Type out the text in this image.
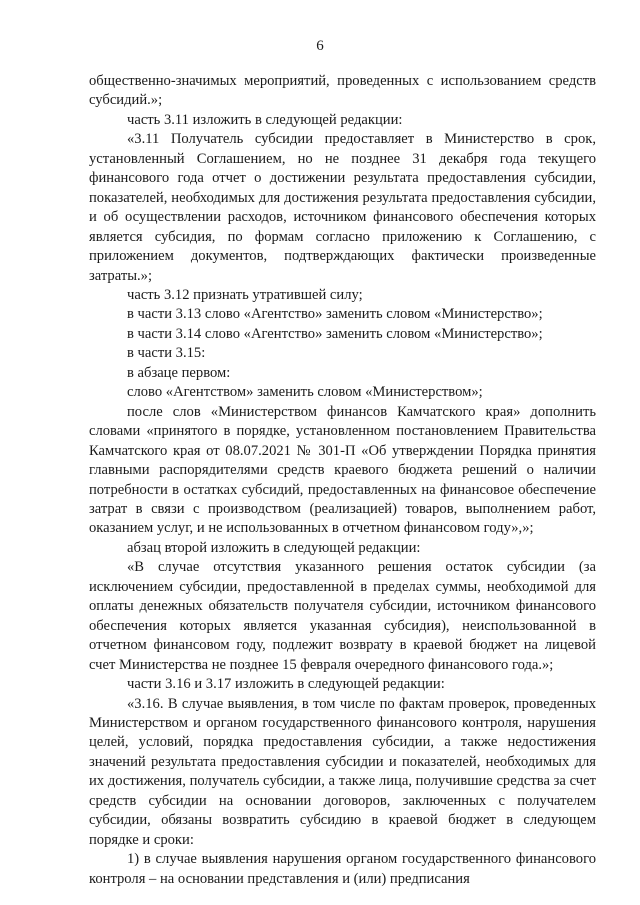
6

общественно-значимых мероприятий, проведенных с использованием средств субсидий.»;

часть 3.11 изложить в следующей редакции:

«3.11 Получатель субсидии предоставляет в Министерство в срок, установленный Соглашением, но не позднее 31 декабря года текущего финансового года отчет о достижении результата предоставления субсидии, показателей, необходимых для достижения результата предоставления субсидии, и об осуществлении расходов, источником финансового обеспечения которых является субсидия, по формам согласно приложению к Соглашению, с приложением документов, подтверждающих фактически произведенные затраты.»;

часть 3.12 признать утратившей силу;

в части 3.13 слово «Агентство» заменить словом «Министерство»;

в части 3.14 слово «Агентство» заменить словом «Министерство»;

в части 3.15:

в абзаце первом:

слово «Агентством» заменить словом «Министерством»;

после слов «Министерством финансов Камчатского края» дополнить словами «принятого в порядке, установленном постановлением Правительства Камчатского края от 08.07.2021 № 301-П «Об утверждении Порядка принятия главными распорядителями средств краевого бюджета решений о наличии потребности в остатках субсидий, предоставленных на финансовое обеспечение затрат в связи с производством (реализацией) товаров, выполнением работ, оказанием услуг, и не использованных в отчетном финансовом году»,»;

абзац второй изложить в следующей редакции:

«В случае отсутствия указанного решения остаток субсидии (за исключением субсидии, предоставленной в пределах суммы, необходимой для оплаты денежных обязательств получателя субсидии, источником финансового обеспечения которых является указанная субсидия), неиспользованной в отчетном финансовом году, подлежит возврату в краевой бюджет на лицевой счет Министерства не позднее 15 февраля очередного финансового года.»;

части 3.16 и 3.17 изложить в следующей редакции:

«3.16. В случае выявления, в том числе по фактам проверок, проведенных Министерством и органом государственного финансового контроля, нарушения целей, условий, порядка предоставления субсидии, а также недостижения значений результата предоставления субсидии и показателей, необходимых для их достижения, получатель субсидии, а также лица, получившие средства за счет средств субсидии на основании договоров, заключенных с получателем субсидии, обязаны возвратить субсидию в краевой бюджет в следующем порядке и сроки:

1) в случае выявления нарушения органом государственного финансового контроля – на основании представления и (или) предписания
